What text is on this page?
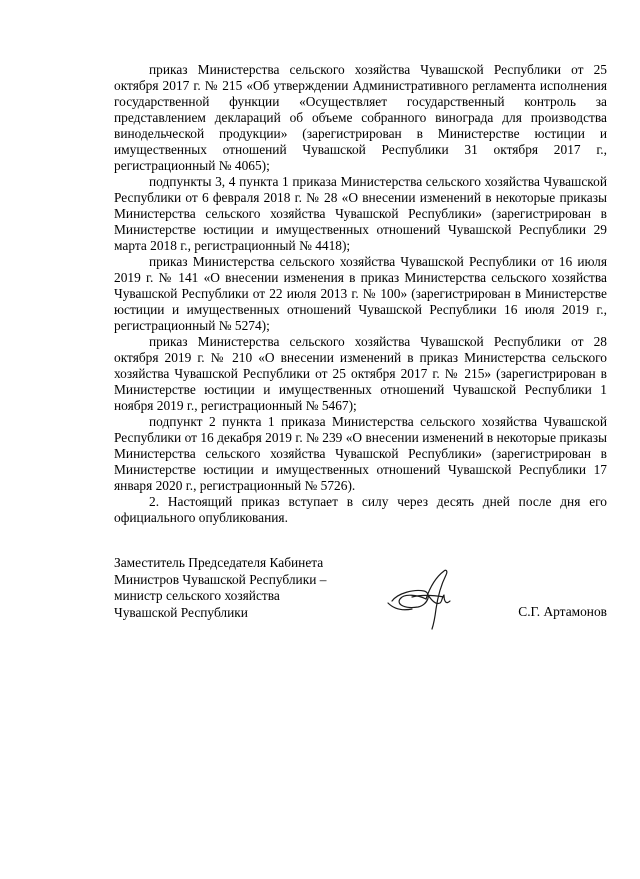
приказ Министерства сельского хозяйства Чувашской Республики от 25 октября 2017 г. № 215 «Об утверждении Административного регламента исполнения государственной функции «Осуществляет государственный контроль за представлением деклараций об объеме собранного винограда для производства винодельческой продукции» (зарегистрирован в Министерстве юстиции и имущественных отношений Чувашской Республики 31 октября 2017 г., регистрационный № 4065);

подпункты 3, 4 пункта 1 приказа Министерства сельского хозяйства Чувашской Республики от 6 февраля 2018 г. № 28 «О внесении изменений в некоторые приказы Министерства сельского хозяйства Чувашской Республики» (зарегистрирован в Министерстве юстиции и имущественных отношений Чувашской Республики 29 марта 2018 г., регистрационный № 4418);

приказ Министерства сельского хозяйства Чувашской Республики от 16 июля 2019 г. № 141 «О внесении изменения в приказ Министерства сельского хозяйства Чувашской Республики от 22 июля 2013 г. № 100» (зарегистрирован в Министерстве юстиции и имущественных отношений Чувашской Республики 16 июля 2019 г., регистрационный № 5274);

приказ Министерства сельского хозяйства Чувашской Республики от 28 октября 2019 г. № 210 «О внесении изменений в приказ Министерства сельского хозяйства Чувашской Республики от 25 октября 2017 г. № 215» (зарегистрирован в Министерстве юстиции и имущественных отношений Чувашской Республики 1 ноября 2019 г., регистрационный № 5467);

подпункт 2 пункта 1 приказа Министерства сельского хозяйства Чувашской Республики от 16 декабря 2019 г. № 239 «О внесении изменений в некоторые приказы Министерства сельского хозяйства Чувашской Республики» (зарегистрирован в Министерстве юстиции и имущественных отношений Чувашской Республики 17 января 2020 г., регистрационный № 5726).

2. Настоящий приказ вступает в силу через десять дней после дня его официального опубликования.

Заместитель Председателя Кабинета
Министров Чувашской Республики –
министр сельского хозяйства
Чувашской Республики	С.Г. Артамонов
